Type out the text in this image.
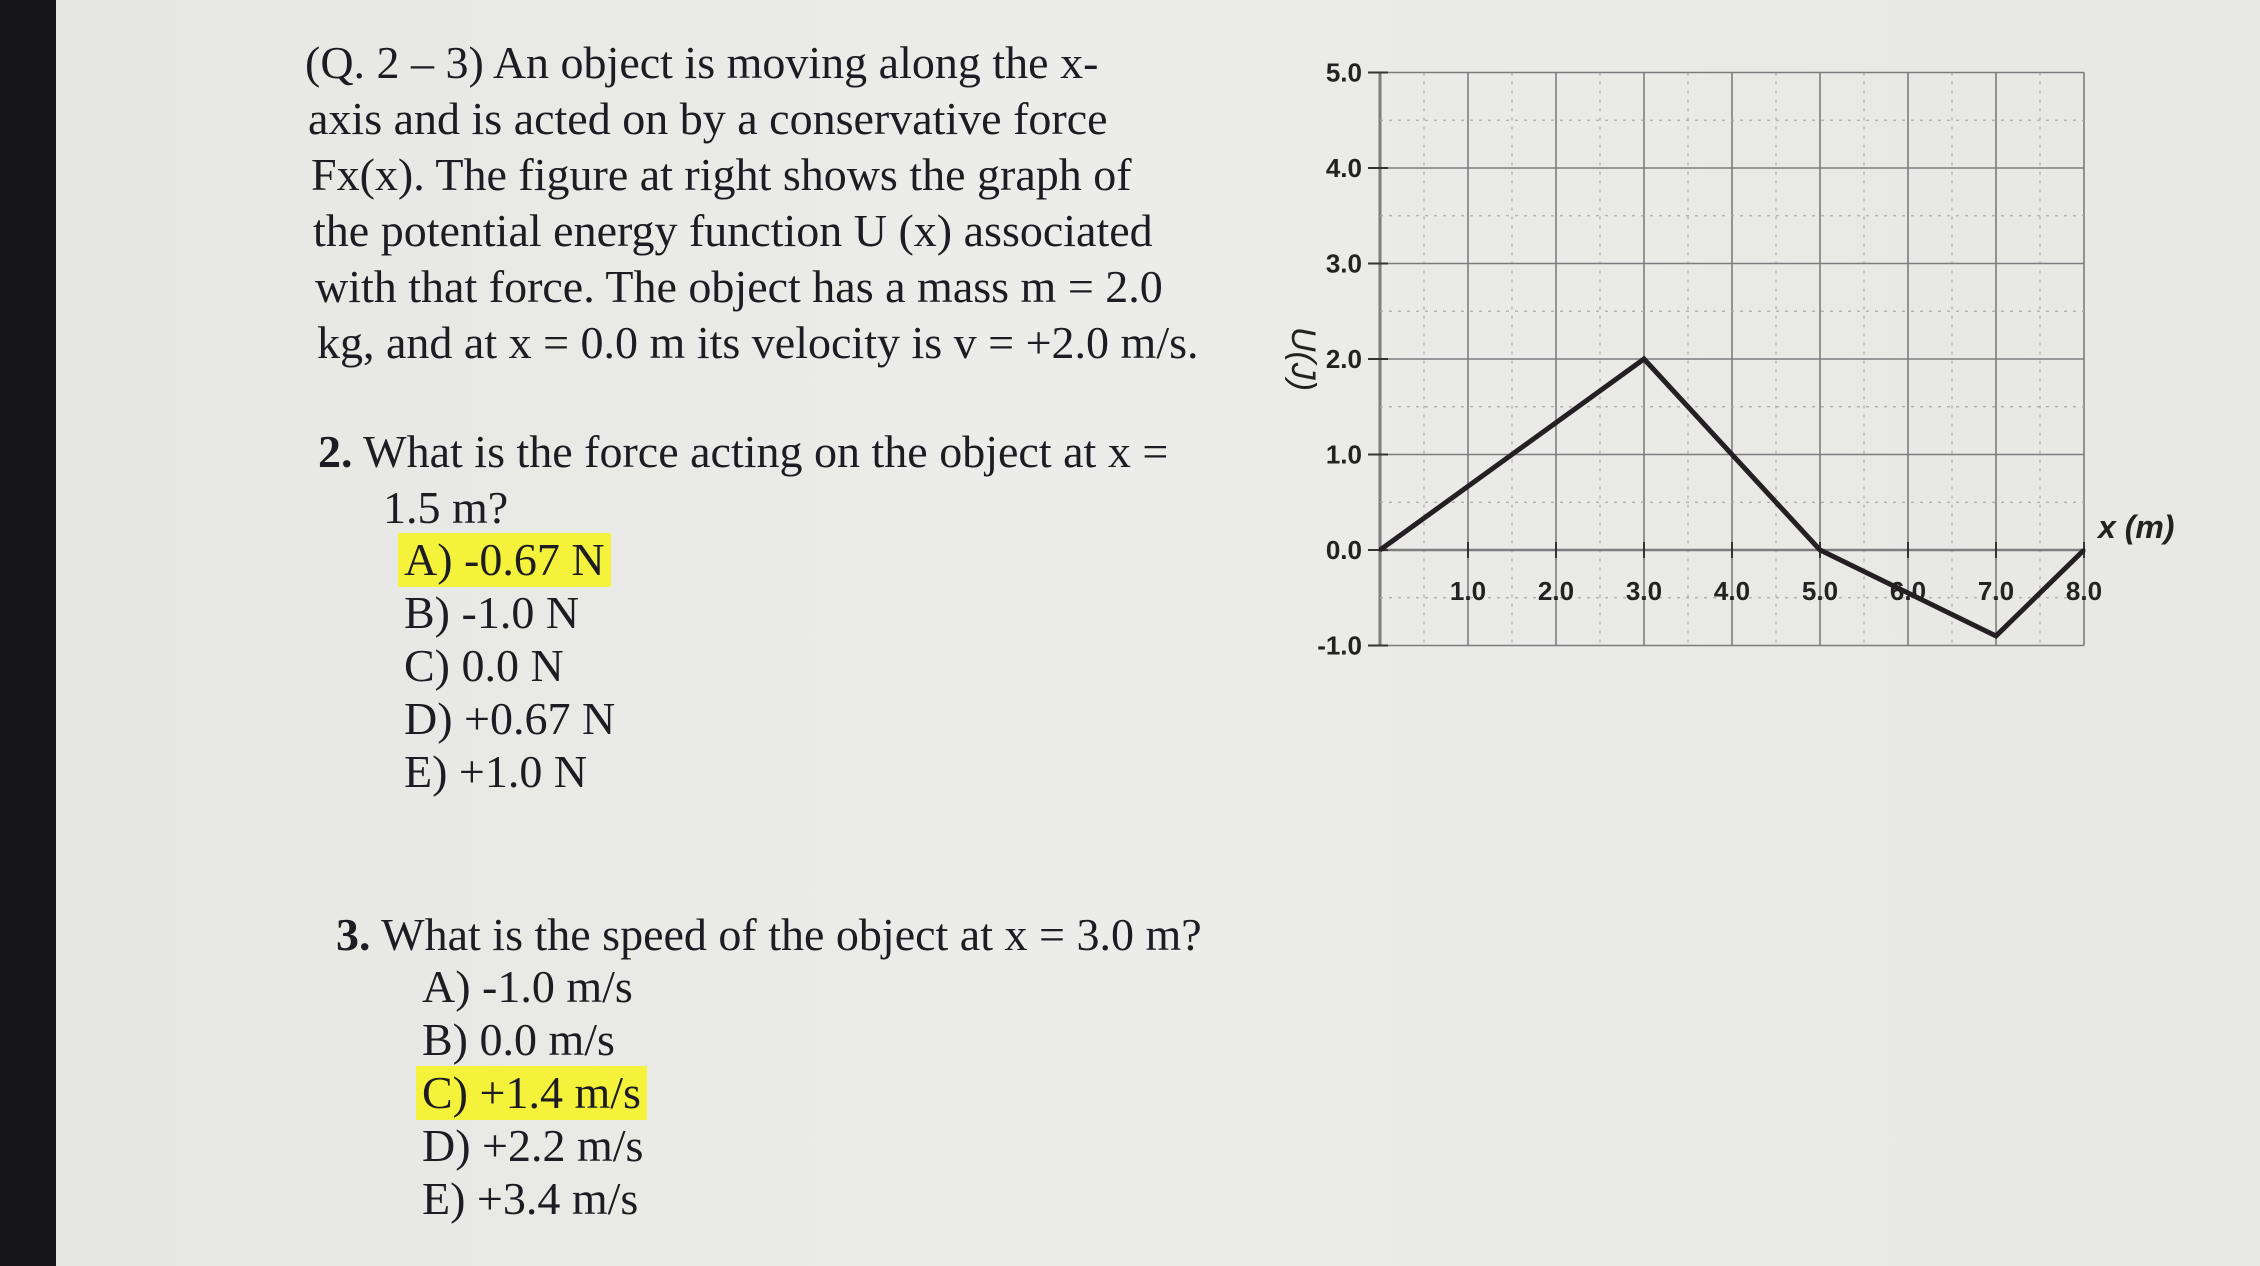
(Q. 2 – 3) An object is moving along the x-
axis and is acted on by a conservative force
Fx(x). The figure at right shows the graph of
the potential energy function U (x) associated
with that force. The object has a mass m = 2.0
kg, and at x = 0.0 m its velocity is v = +2.0 m/s.
2. What is the force acting on the object at x =
1.5 m?
A) -0.67 N
B) -1.0 N
C) 0.0 N
D) +0.67 N
E) +1.0 N
3. What is the speed of the object at x = 3.0 m?
A) -1.0 m/s
B) 0.0 m/s
C) +1.4 m/s
D) +2.2 m/s
E) +3.4 m/s
5.0
4.0
3.0
2.0
1.0
0.0
-1.0
1.0 2.0 3.0 4.0 5.0 6.0 7.0 8.0
x (m)
U(J)
